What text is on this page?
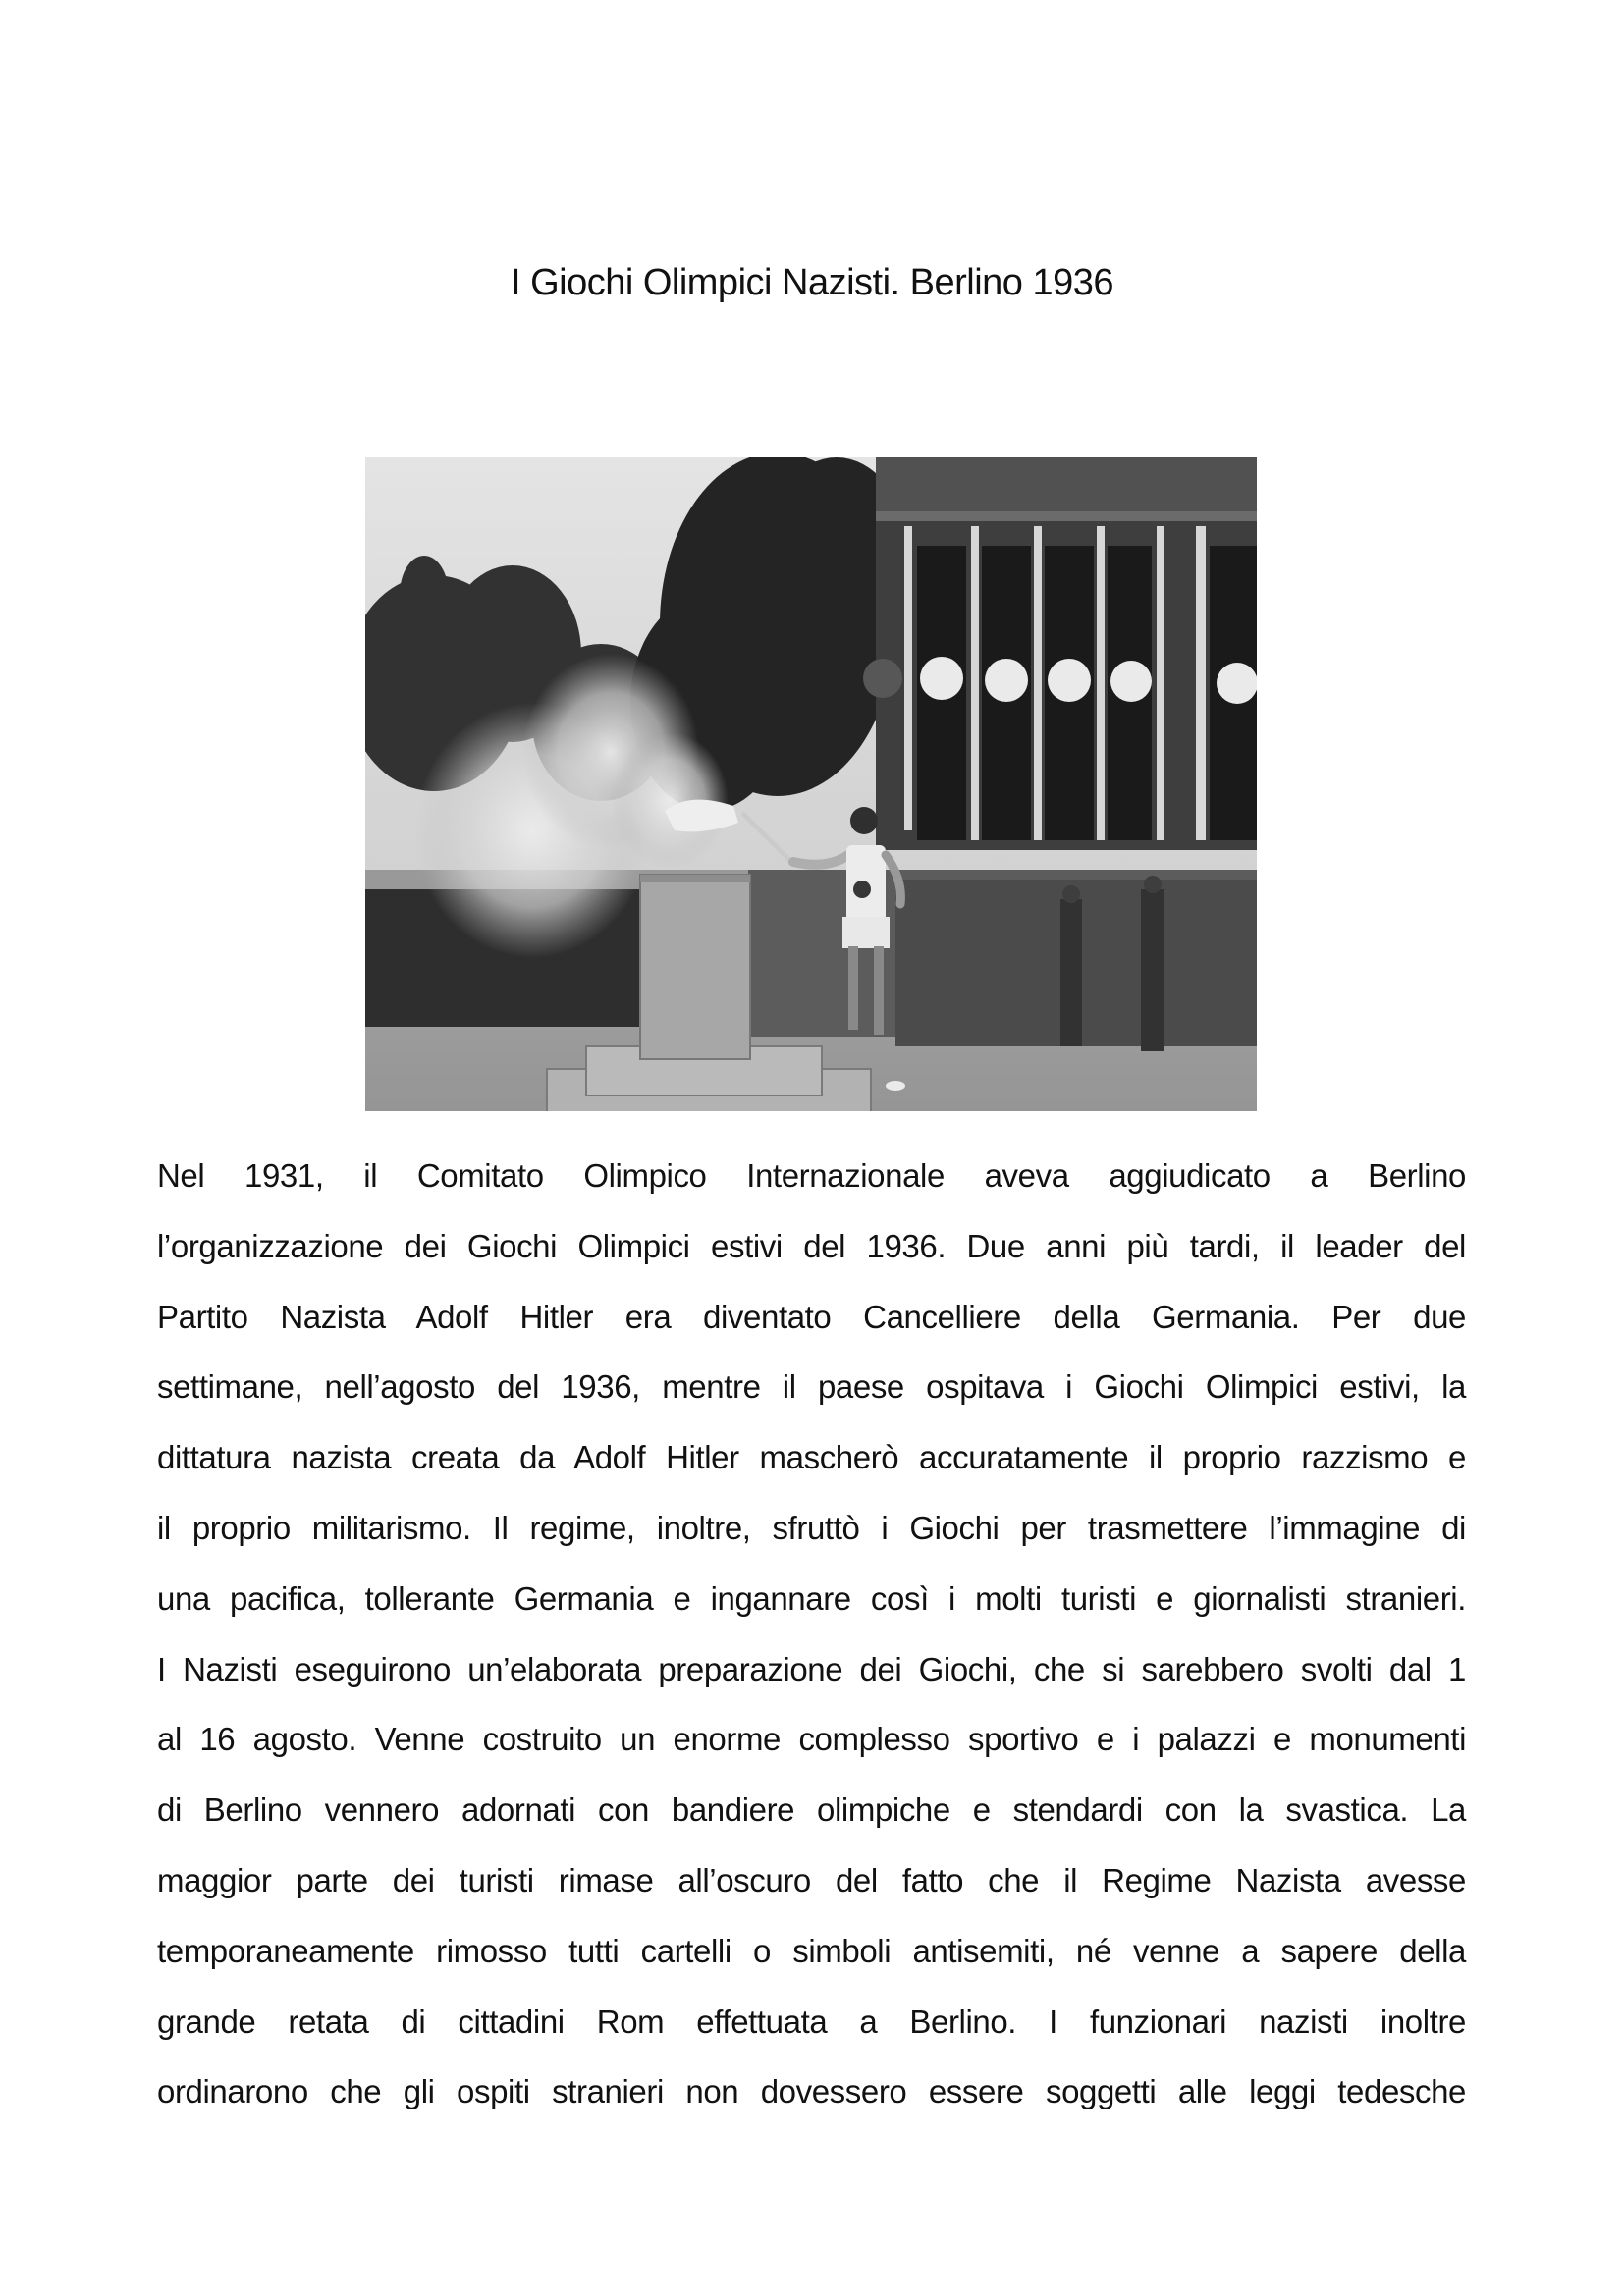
I Giochi Olimpici Nazisti. Berlino 1936
Nel 1931, il Comitato Olimpico Internazionale aveva aggiudicato a Berlino
l’organizzazione dei Giochi Olimpici estivi del 1936. Due anni più tardi, il leader del
Partito Nazista Adolf Hitler era diventato Cancelliere della Germania. Per due
settimane, nell’agosto del 1936, mentre il paese ospitava i Giochi Olimpici estivi, la
dittatura nazista creata da Adolf Hitler mascherò accuratamente il proprio razzismo e
il proprio militarismo. Il regime, inoltre, sfruttò i Giochi per trasmettere l’immagine di
una pacifica, tollerante Germania e ingannare così i molti turisti e giornalisti stranieri.
I Nazisti eseguirono un’elaborata preparazione dei Giochi, che si sarebbero svolti dal 1
al 16 agosto. Venne costruito un enorme complesso sportivo e i palazzi e monumenti
di Berlino vennero adornati con bandiere olimpiche e stendardi con la svastica. La
maggior parte dei turisti rimase all’oscuro del fatto che il Regime Nazista avesse
temporaneamente rimosso tutti cartelli o simboli antisemiti, né venne a sapere della
grande retata di cittadini Rom effettuata a Berlino. I funzionari nazisti inoltre
ordinarono che gli ospiti stranieri non dovessero essere soggetti alle leggi tedesche
